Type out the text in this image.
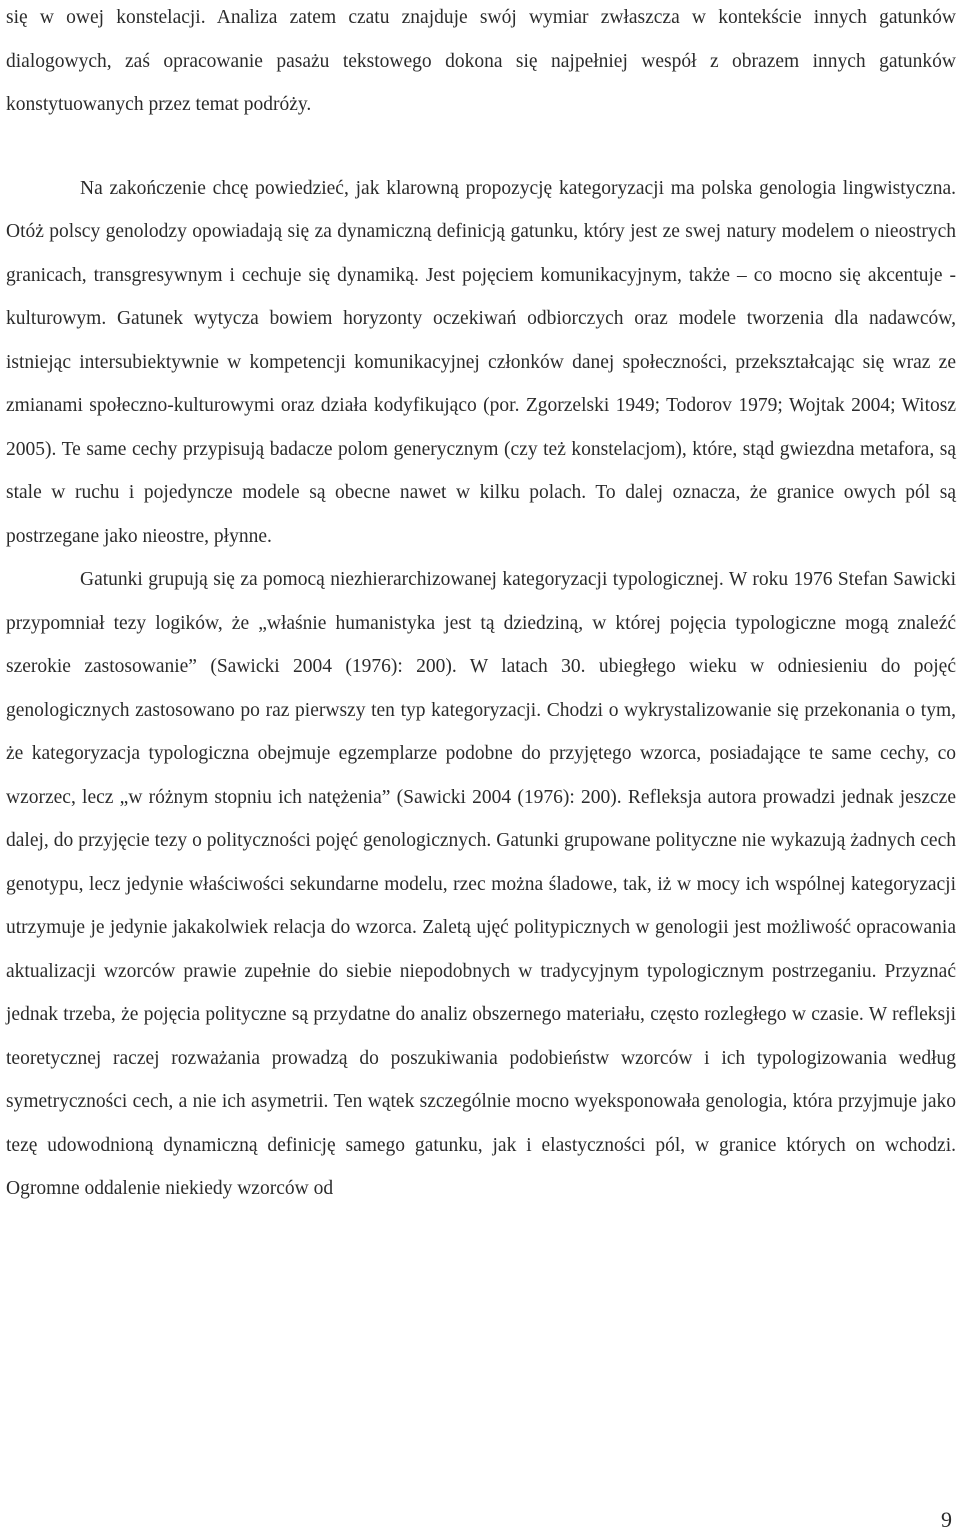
się w owej konstelacji. Analiza zatem czatu znajduje swój wymiar zwłaszcza w kontekście innych gatunków dialogowych, zaś opracowanie pasażu tekstowego dokona się najpełniej wespół z obrazem innych gatunków konstytuowanych przez temat podróży.

Na zakończenie chcę powiedzieć, jak klarowną propozycję kategoryzacji ma polska genologia lingwistyczna. Otóż polscy genolodzy opowiadają się za dynamiczną definicją gatunku, który jest ze swej natury modelem o nieostrych granicach, transgresywnym i cechuje się dynamiką. Jest pojęciem komunikacyjnym, także – co mocno się akcentuje - kulturowym. Gatunek wytycza bowiem horyzonty oczekiwań odbiorczych oraz modele tworzenia dla nadawców, istniejąc intersubiektywnie w kompetencji komunikacyjnej członków danej społeczności, przekształcając się wraz ze zmianami społeczno-kulturowymi oraz działa kodyfikująco (por. Zgorzelski 1949; Todorov 1979; Wojtak 2004; Witosz 2005). Te same cechy przypisują badacze polom generycznym (czy też konstelacjom), które, stąd gwiezdna metafora, są stale w ruchu i pojedyncze modele są obecne nawet w kilku polach. To dalej oznacza, że granice owych pól są postrzegane jako nieostre, płynne.

Gatunki grupują się za pomocą niezhierarchizowanej kategoryzacji typologicznej. W roku 1976 Stefan Sawicki przypomniał tezy logików, że „właśnie humanistyka jest tą dziedziną, w której pojęcia typologiczne mogą znaleźć szerokie zastosowanie” (Sawicki 2004 (1976): 200). W latach 30. ubiegłego wieku w odniesieniu do pojęć genologicznych zastosowano po raz pierwszy ten typ kategoryzacji. Chodzi o wykrystalizowanie się przekonania o tym, że kategoryzacja typologiczna obejmuje egzemplarze podobne do przyjętego wzorca, posiadające te same cechy, co wzorzec, lecz „w różnym stopniu ich natężenia” (Sawicki 2004 (1976): 200). Refleksja autora prowadzi jednak jeszcze dalej, do przyjęcie tezy o polityczności pojęć genologicznych. Gatunki grupowane polityczne nie wykazują żadnych cech genotypu, lecz jedynie właściwości sekundarne modelu, rzec można śladowe, tak, iż w mocy ich wspólnej kategoryzacji utrzymuje je jedynie jakakolwiek relacja do wzorca. Zaletą ujęć politypicznych w genologii jest możliwość opracowania aktualizacji wzorców prawie zupełnie do siebie niepodobnych w tradycyjnym typologicznym postrzeganiu. Przyznać jednak trzeba, że pojęcia polityczne są przydatne do analiz obszernego materiału, często rozległego w czasie. W refleksji teoretycznej raczej rozważania prowadzą do poszukiwania podobieństw wzorców i ich typologizowania według symetryczności cech, a nie ich asymetrii. Ten wątek szczególnie mocno wyeksponowała genologia, która przyjmuje jako tezę udowodnioną dynamiczną definicję samego gatunku, jak i elastyczności pól, w granice których on wchodzi. Ogromne oddalenie niekiedy wzorców od

9
